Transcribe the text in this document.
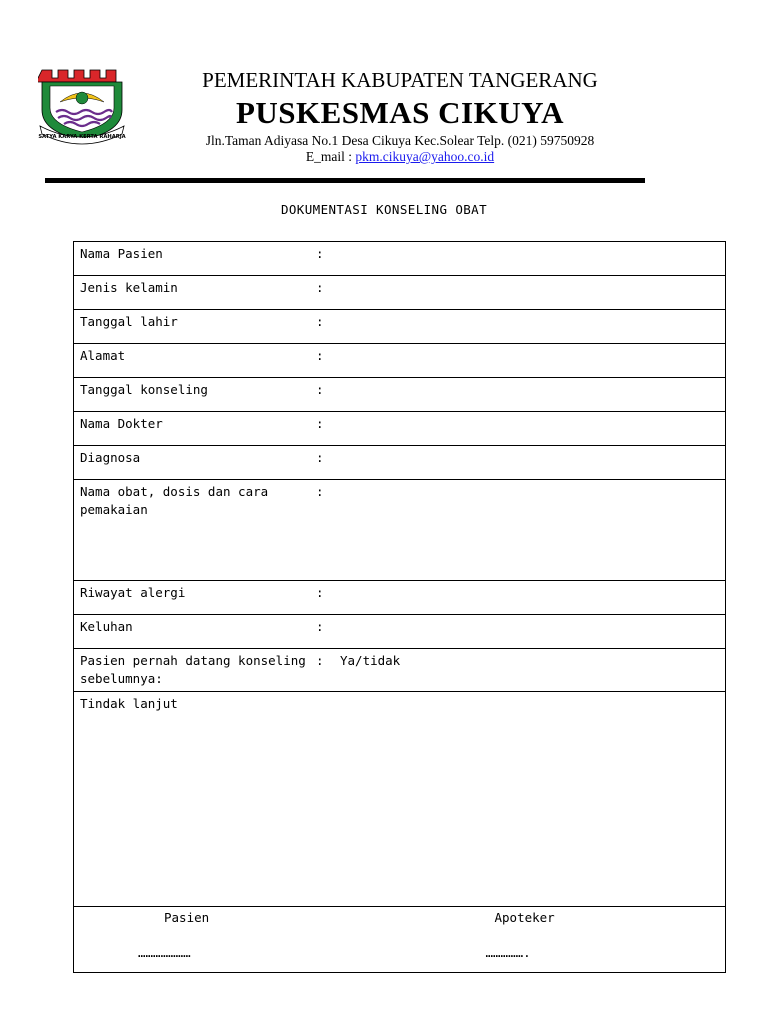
SATYA KARYA KERTA RAHARJA
PEMERINTAH KABUPATEN TANGERANG
PUSKESMAS CIKUYA
Jln.Taman Adiyasa No.1 Desa Cikuya Kec.Solear Telp. (021) 59750928
E_mail : pkm.cikuya@yahoo.co.id
DOKUMENTASI KONSELING OBAT
Nama Pasien	:

Jenis kelamin	:

Tanggal lahir	:

Alamat	:

Tanggal konseling	:

Nama Dokter	:

Diagnosa	:

Nama obat, dosis dan cara pemakaian
:

Riwayat alergi	:

Keluhan	:

Pasien pernah datang konseling sebelumnya:
:	Ya/tidak

Tindak lanjut

Pasien
…………………
Apoteker
…………….
